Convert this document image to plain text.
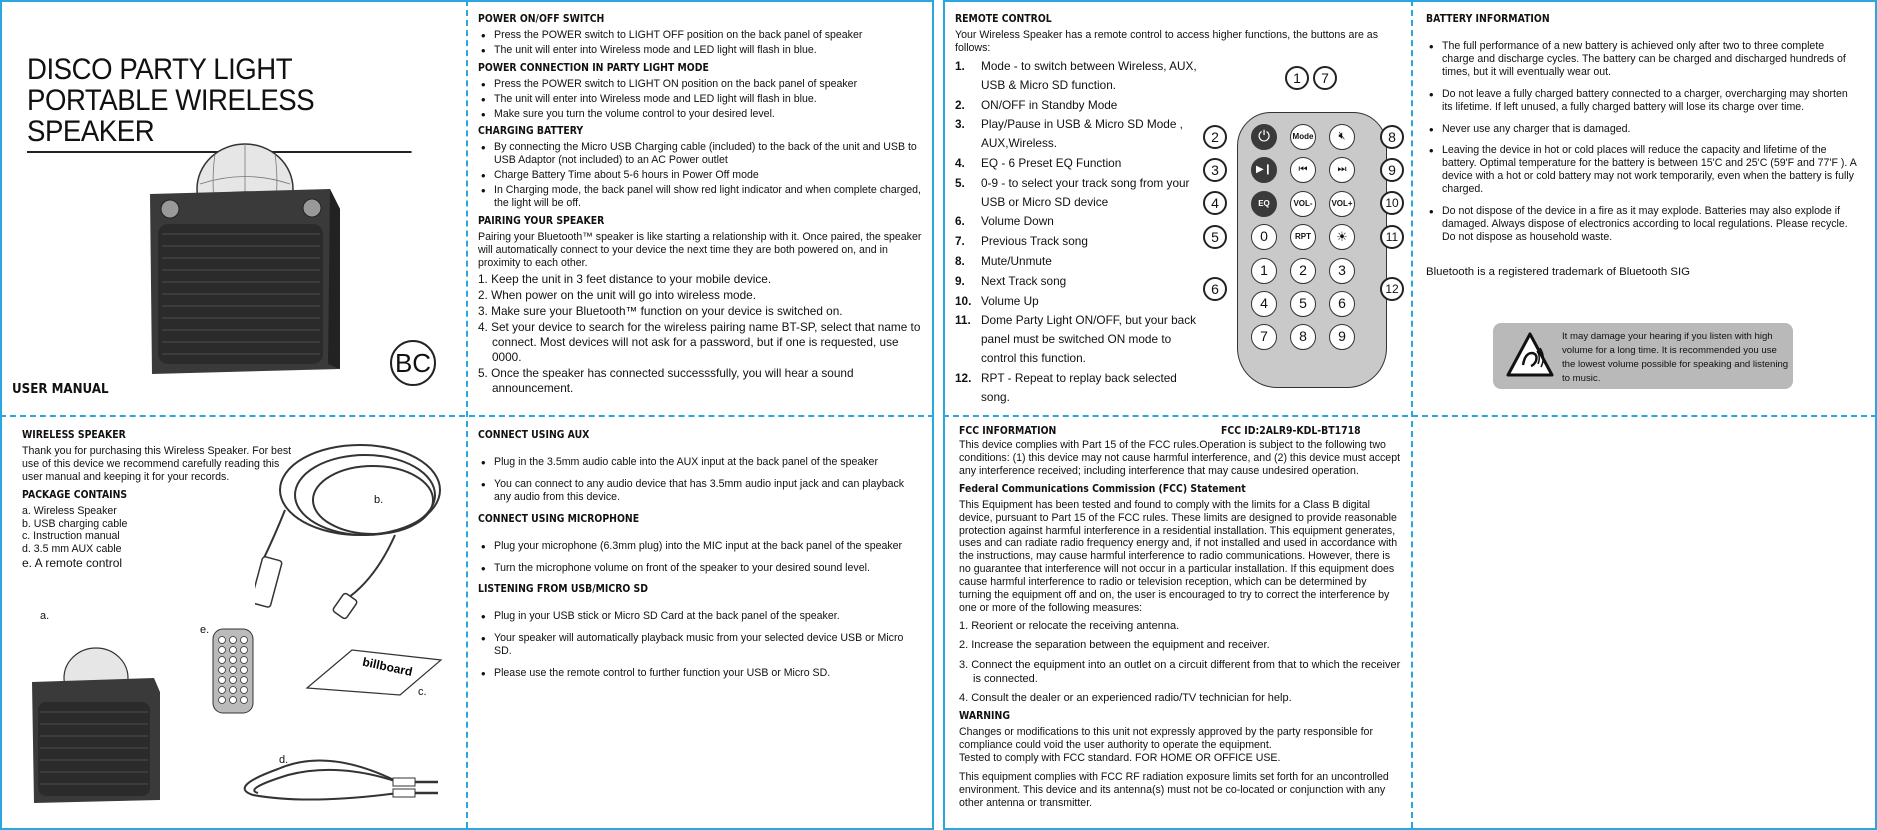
DISCO PARTY LIGHT
PORTABLE WIRELESS SPEAKER
BC
USER MANUAL
POWER ON/OFF SWITCH
• Press the POWER switch to LIGHT OFF position on the back panel of speaker
• The unit will enter into Wireless mode and LED light will flash in blue.
POWER CONNECTION IN PARTY LIGHT MODE
• Press the POWER switch to LIGHT ON position on the back panel of speaker
• The unit will enter into Wireless mode and LED light will flash in blue.
• Make sure you turn the volume control to your desired level.
CHARGING BATTERY
• By connecting the Micro USB Charging cable (included) to the back of the unit and USB to USB Adaptor (not included) to an AC Power outlet
• Charge Battery Time about 5-6 hours in Power Off mode
• In Charging mode, the back panel will show red light indicator and when complete charged, the light will be off.
PAIRING YOUR SPEAKER

Pairing your Bluetooth™ speaker is like starting a relationship with it. Once paired, the speaker will automatically connect to your device the next time they are both powered on, and in proximity to each other.

1. Keep the unit in 3 feet distance to your mobile device.
2. When power on the unit will go into wireless mode.
3. Make sure your Bluetooth™ function on your device is switched on.
4. Set your device to search for the wireless pairing name BT-SP, select that name to connect. Most devices will not ask for a password, but if one is requested, use 0000.
5. Once the speaker has connected successsfully, you will hear a sound announcement.
REMOTE CONTROL

Your Wireless Speaker has a remote control to access higher functions, the buttons are as follows:

1. Mode - to switch between Wireless, AUX, USB & Micro SD function.
2. ON/OFF in Standby Mode
3. Play/Pause in USB & Micro SD Mode , AUX,Wireless.
4. EQ - 6 Preset EQ Function
5. 0-9 - to select your track song from your USB or Micro SD device
6. Volume Down
7. Previous Track song
8. Mute/Unmute
9. Next Track song
10. Volume Up
11. Dome Party Light ON/OFF, but your back panel must be switched ON mode to control this function.
12. RPT - Repeat to replay back selected song.
⏻	Mode	🔇︎
▶❙	⏮	⏭
EQ	VOL-	VOL+
0	RPT	☀
1	2	3
4	5	6
7	8	9
1	7
2	8
3	9
4	10
5	11
6	12
BATTERY INFORMATION
• The full performance of a new battery is achieved only after two to three complete charge and discharge cycles. The battery can be charged and discharged hundreds of times, but it will eventually wear out.
• Do not leave a fully charged battery connected to a charger, overcharging may shorten its lifetime. If left unused, a fully charged battery will lose its charge over time.
• Never use any charger that is damaged.
• Leaving the device in hot or cold places will reduce the capacity and lifetime of the battery. Optimal temperature for the battery is between 15'C and 25'C (59'F and 77'F ). A device with a hot or cold battery may not work temporarily, even when the battery is fully charged.
• Do not dispose of the device in a fire as it may explode. Batteries may also explode if damaged. Always dispose of electronics according to local regulations. Please recycle. Do not dispose as household waste.

Bluetooth is a registered trademark of Bluetooth SIG

It may damage your hearing if you listen with high volume for a long time. It is recommended you use the lowest volume possible for speaking and listening to music.
WIRELESS SPEAKER

Thank you for purchasing this Wireless Speaker. For best use of this device we recommend carefully reading this user manual and keeping it for your records.

PACKAGE CONTAINS
a. Wireless Speaker
b. USB charging cable
c. Instruction manual
d. 3.5 mm AUX cable
e. A remote control
b.
a.
e.
billboard
c.
d.
CONNECT USING AUX
• Plug in the 3.5mm audio cable into the AUX input at the back panel of the speaker
• You can connect to any audio device that has 3.5mm audio input jack and can playback any audio from this device.
CONNECT USING MICROPHONE
• Plug your microphone (6.3mm plug) into the MIC input at the back panel of the speaker
• Turn the microphone volume on front of the speaker to your desired sound level.
LISTENING FROM USB/MICRO SD
• Plug in your USB stick or Micro SD Card at the back panel of the speaker.
• Your speaker will automatically playback music from your selected device USB or Micro SD.
• Please use the remote control to further function your USB or Micro SD.
FCC INFORMATION	FCC ID:2ALR9-KDL-BT1718

This device complies with Part 15 of the FCC rules.Operation is subject to the following two conditions: (1) this device may not cause harmful interference, and (2) this device must accept any interference received; including interference that may cause undesired operation.

Federal Communications Commission (FCC) Statement

This Equipment has been tested and found to comply with the limits for a Class B digital device, pursuant to Part 15 of the FCC rules. These limits are designed to provide reasonable protection against harmful interference in a residential installation. This equipment generates, uses and can radiate radio frequency energy and, if not installed and used in accordance with the instructions, may cause harmful interference to radio communications. However, there is no guarantee that interference will not occur in a particular installation. If this equipment does cause harmful interference to radio or television reception, which can be determined by turning the equipment off and on, the user is encouraged to try to correct the interference by one or more of the following measures:

1. Reorient or relocate the receiving antenna.
2. Increase the separation between the equipment and receiver.
3. Connect the equipment into an outlet on a circuit different from that to which the receiver is connected.
4. Consult the dealer or an experienced radio/TV technician for help.
WARNING

Changes or modifications to this unit not expressly approved by the party responsible for compliance could void the user authority to operate the equipment.

Tested to comply with FCC standard. FOR HOME OR OFFICE USE.

This equipment complies with FCC RF radiation exposure limits set forth for an uncontrolled environment. This device and its antenna(s) must not be co-located or conjunction with any other antenna or transmitter.
